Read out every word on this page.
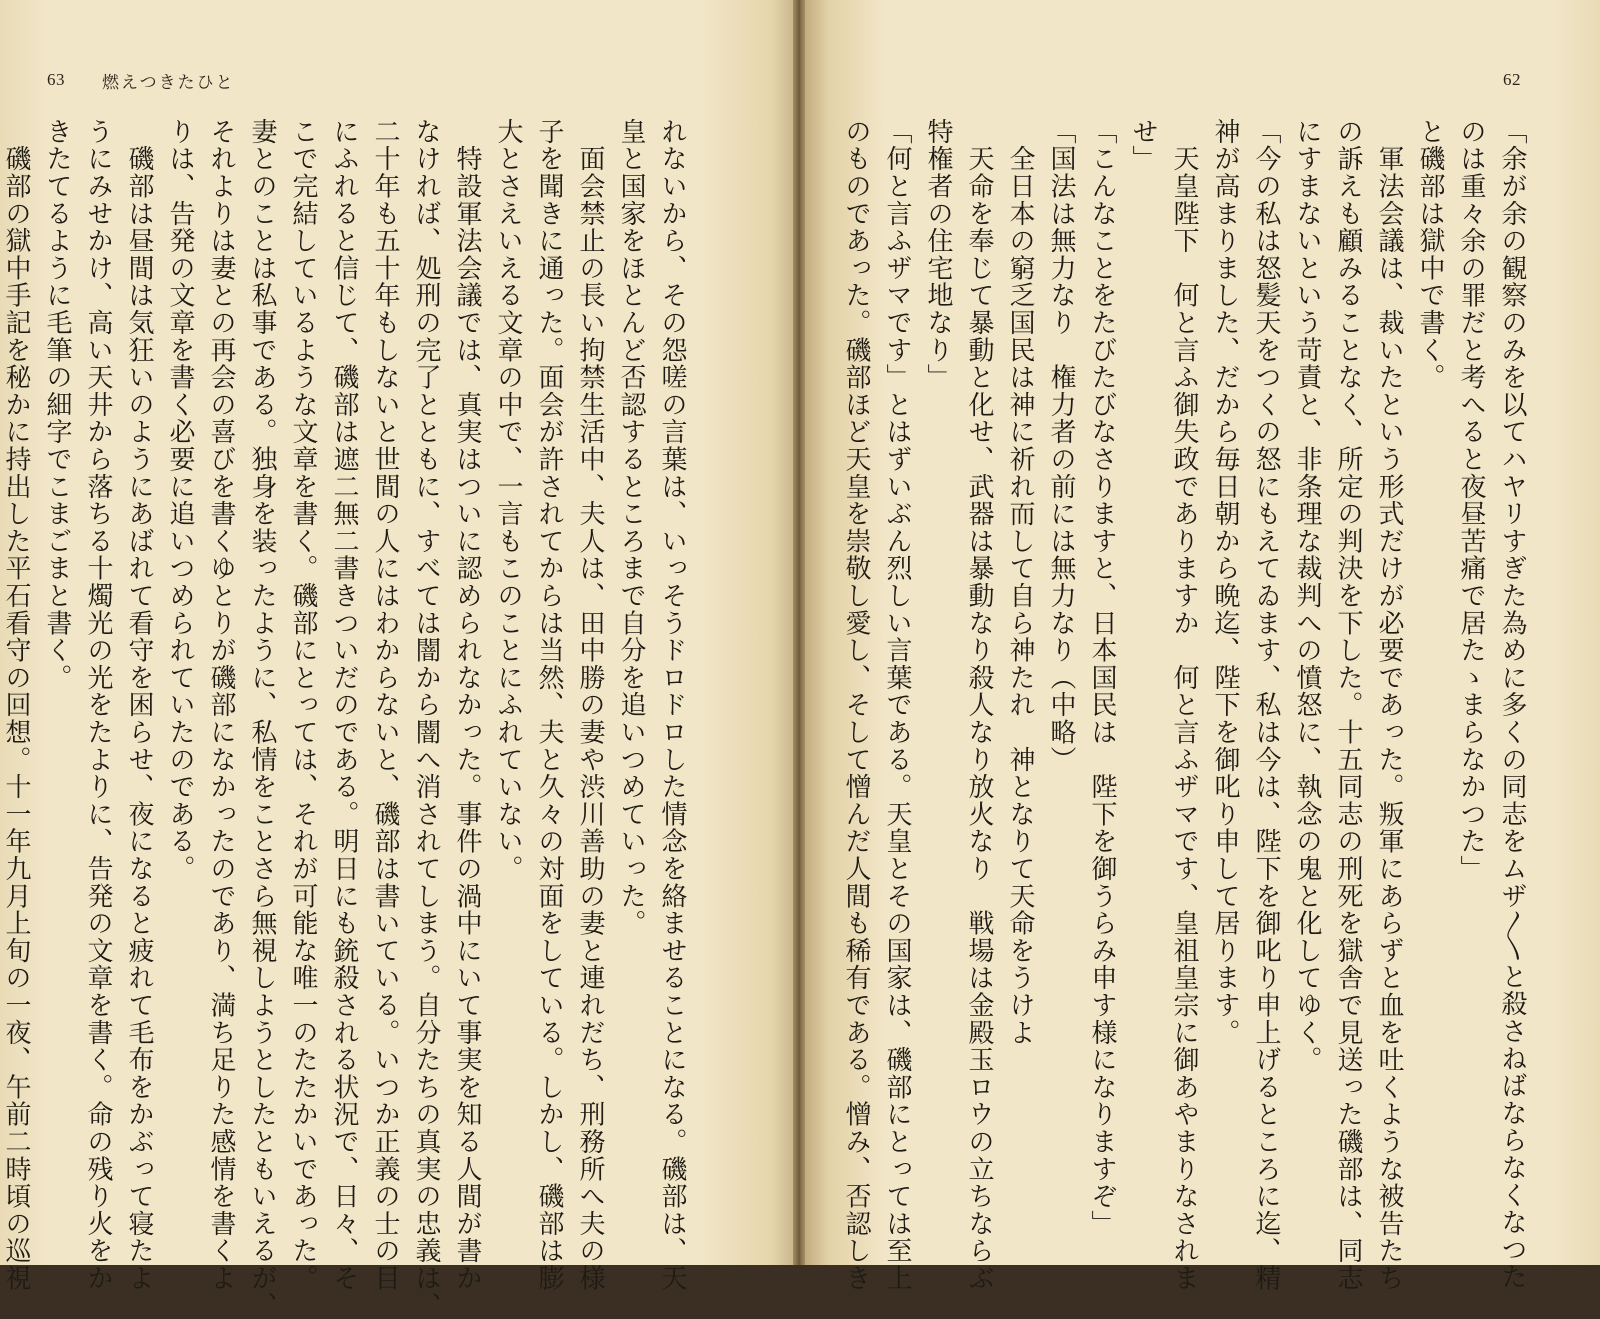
63 燃えつきたひと
れないから、その怨嗟の言葉は、いっそうドロドロした情念を絡ませることになる。磯部は、天
皇と国家をほとんど否認するところまで自分を追いつめていった。
　面会禁止の長い拘禁生活中、夫人は、田中勝の妻や渋川善助の妻と連れだち、刑務所へ夫の様
子を聞きに通った。面会が許されてからは当然、夫と久々の対面をしている。しかし、磯部は膨
大とさえいえる文章の中で、一言もこのことにふれていない。
　特設軍法会議では、真実はついに認められなかった。事件の渦中にいて事実を知る人間が書か
なければ、処刑の完了とともに、すべては闇から闇へ消されてしまう。自分たちの真実の忠義は、
二十年も五十年もしないと世間の人にはわからないと、磯部は書いている。いつか正義の士の目
にふれると信じて、磯部は遮二無二書きついだのである。明日にも銃殺される状況で、日々、そ
こで完結しているような文章を書く。磯部にとっては、それが可能な唯一のたたかいであった。
妻とのことは私事である。独身を装ったように、私情をことさら無視しようとしたともいえるが、
それよりは妻との再会の喜びを書くゆとりが磯部になかったのであり、満ち足りた感情を書くよ
りは、告発の文章を書く必要に追いつめられていたのである。
　磯部は昼間は気狂いのようにあばれて看守を困らせ、夜になると疲れて毛布をかぶって寝たよ
うにみせかけ、高い天井から落ちる十燭光の光をたよりに、告発の文章を書く。命の残り火をか
きたてるように毛筆の細字でこまごまと書く。
　磯部の獄中手記を秘かに持出した平石看守の回想。十一年九月上旬の一夜、午前二時頃の巡視
62
「余が余の観察のみを以てハヤリすぎた為めに多くの同志をムザ〳〵と殺さねばならなくなつた
のは重々余の罪だと考へると夜昼苦痛で居たゝまらなかつた」
と磯部は獄中で書く。
　軍法会議は、裁いたという形式だけが必要であった。叛軍にあらずと血を吐くような被告たち
の訴えも顧みることなく、所定の判決を下した。十五同志の刑死を獄舎で見送った磯部は、同志
にすまないという苛責と、非条理な裁判への憤怒に、執念の鬼と化してゆく。
「今の私は怒髪天をつくの怒にもえてゐます、私は今は、陛下を御叱り申上げるところに迄、精
神が高まりました、だから毎日朝から晩迄、陛下を御叱り申して居ります。
　天皇陛下　何と言ふ御失政でありますか　何と言ふザマです、皇祖皇宗に御あやまりなされま
せ」
「こんなことをたびたびなさりますと、日本国民は　陛下を御うらみ申す様になりますぞ」
「国法は無力なり　権力者の前には無力なり（中略）
　全日本の窮乏国民は神に祈れ而して自ら神たれ　神となりて天命をうけよ
　天命を奉じて暴動と化せ、武器は暴動なり殺人なり放火なり　戦場は金殿玉ロウの立ちならぶ
特権者の住宅地なり」
「何と言ふザマです」とはずいぶん烈しい言葉である。天皇とその国家は、磯部にとっては至上
のものであった。磯部ほど天皇を崇敬し愛し、そして憎んだ人間も稀有である。憎み、否認しき
